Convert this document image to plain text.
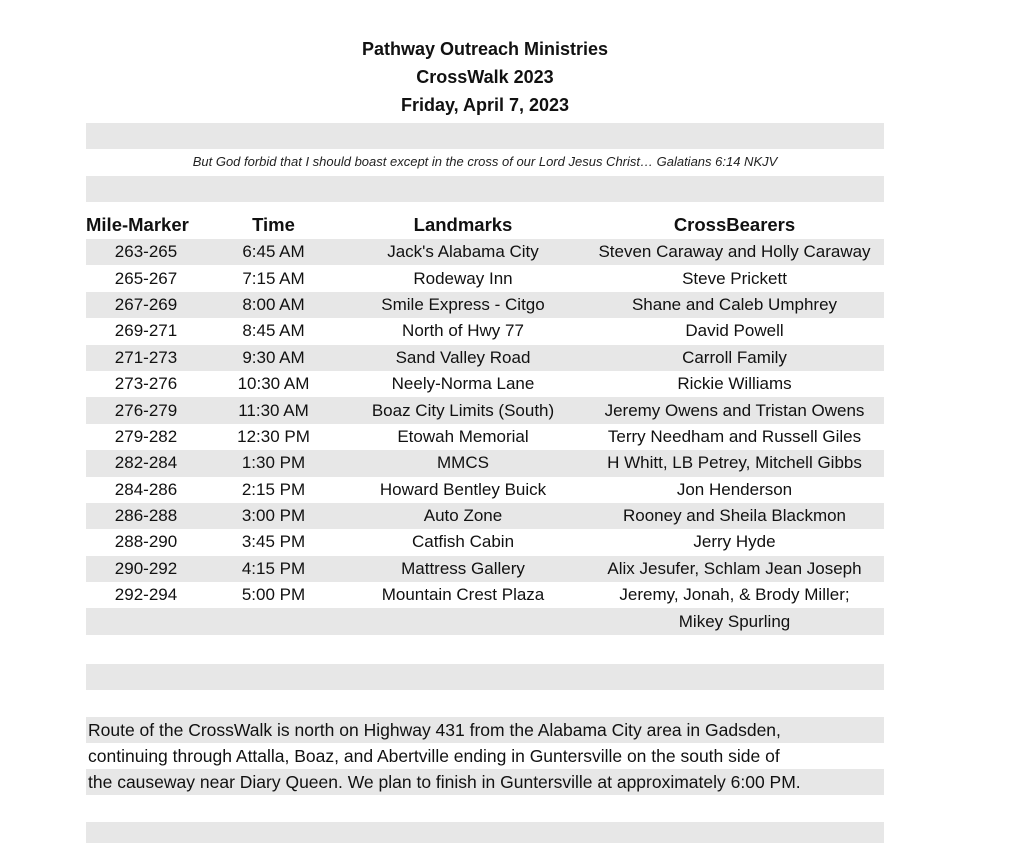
Pathway Outreach Ministries
CrossWalk 2023
Friday, April 7, 2023
But God forbid that I should boast except in the cross of our Lord Jesus Christ… Galatians 6:14 NKJV
Mile-Marker	Time	Landmarks	CrossBearers
263-265	6:45 AM	Jack's Alabama City	Steven Caraway and Holly Caraway
265-267	7:15 AM	Rodeway Inn	Steve Prickett
267-269	8:00 AM	Smile Express - Citgo	Shane and Caleb Umphrey
269-271	8:45 AM	North of Hwy 77	David Powell
271-273	9:30 AM	Sand Valley Road	Carroll Family
273-276	10:30 AM	Neely-Norma Lane	Rickie Williams
276-279	11:30 AM	Boaz City Limits (South)	Jeremy Owens and Tristan Owens
279-282	12:30 PM	Etowah Memorial	Terry Needham and Russell Giles
282-284	1:30 PM	MMCS	H Whitt, LB Petrey, Mitchell Gibbs
284-286	2:15 PM	Howard Bentley Buick	Jon Henderson
286-288	3:00 PM	Auto Zone	Rooney and Sheila Blackmon
288-290	3:45 PM	Catfish Cabin	Jerry Hyde
290-292	4:15 PM	Mattress Gallery	Alix Jesufer, Schlam Jean Joseph
292-294	5:00 PM	Mountain Crest Plaza	Jeremy, Jonah, & Brody Miller;
			Mikey Spurling
Route of the CrossWalk is north on Highway 431 from the Alabama City area in Gadsden,
continuing through Attalla, Boaz, and Abertville ending in Guntersville on the south side of
the causeway near Diary Queen. We plan to finish in Guntersville at approximately 6:00 PM.
